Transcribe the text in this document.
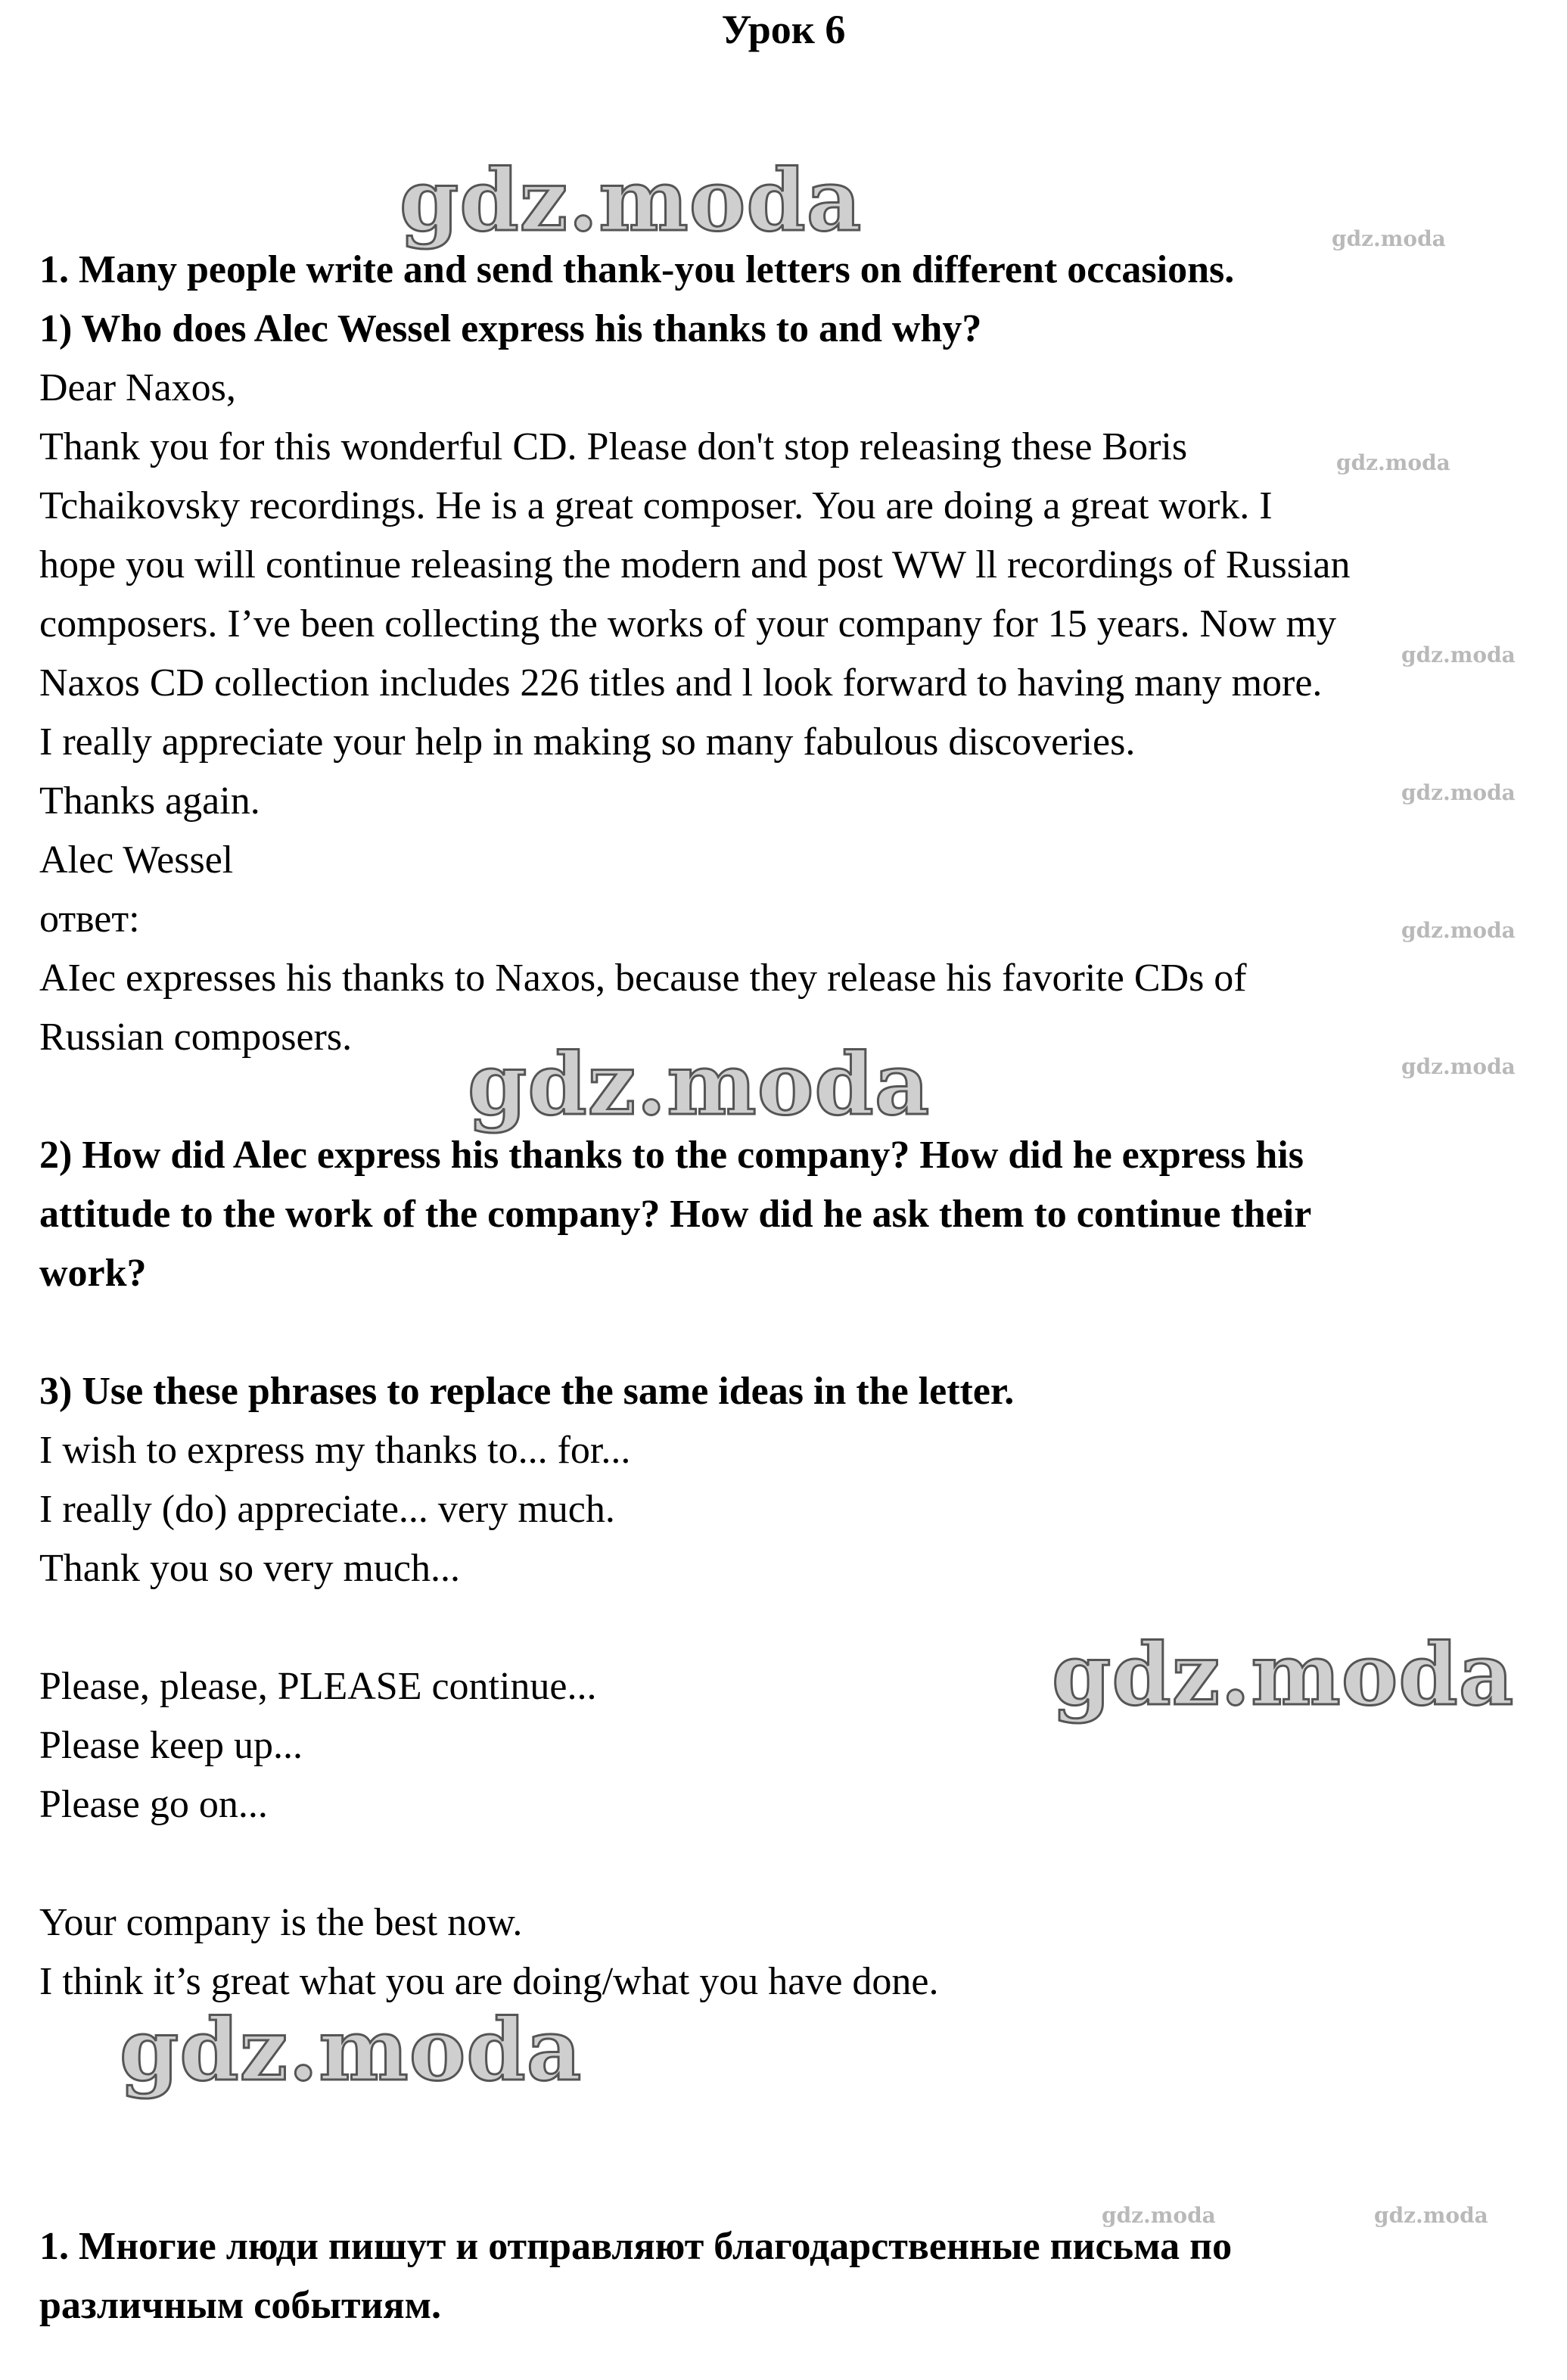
Урок 6
gdz.moda	gdz.moda
gdz.moda
gdz.moda
gdz.moda
gdz.moda
gdz.moda
gdz.moda
gdz.moda
gdz.moda
gdz.moda	gdz.moda
1. Many people write and send thank-you letters on different occasions.
1) Who does Alec Wessel express his thanks to and why?
Dear Naxos,
Thank you for this wonderful CD. Please don't stop releasing these Boris
Tchaikovsky recordings. He is a great composer. You are doing a great work. I
hope you will continue releasing the modern and post WW ll recordings of Russian
composers. I’ve been collecting the works of your company for 15 years. Now my
Naxos CD collection includes 226 titles and l look forward to having many more.
I really appreciate your help in making so many fabulous discoveries.
Thanks again.
Alec Wessel
ответ:
AIec expresses his thanks to Naxos, because they release his favorite CDs of
Russian composers.
2) How did Alec express his thanks to the company? How did he express his
attitude to the work of the company? How did he ask them to continue their
work?
3) Use these phrases to replace the same ideas in the letter.
I wish to express my thanks to... for...
I really (do) appreciate... very much.
Thank you so very much...
Please, please, PLEASE continue...
Please keep up...
Please go on...
Your company is the best now.
I think it’s great what you are doing/what you have done.
1. Многие люди пишут и отправляют благодарственные письма по
различным событиям.
